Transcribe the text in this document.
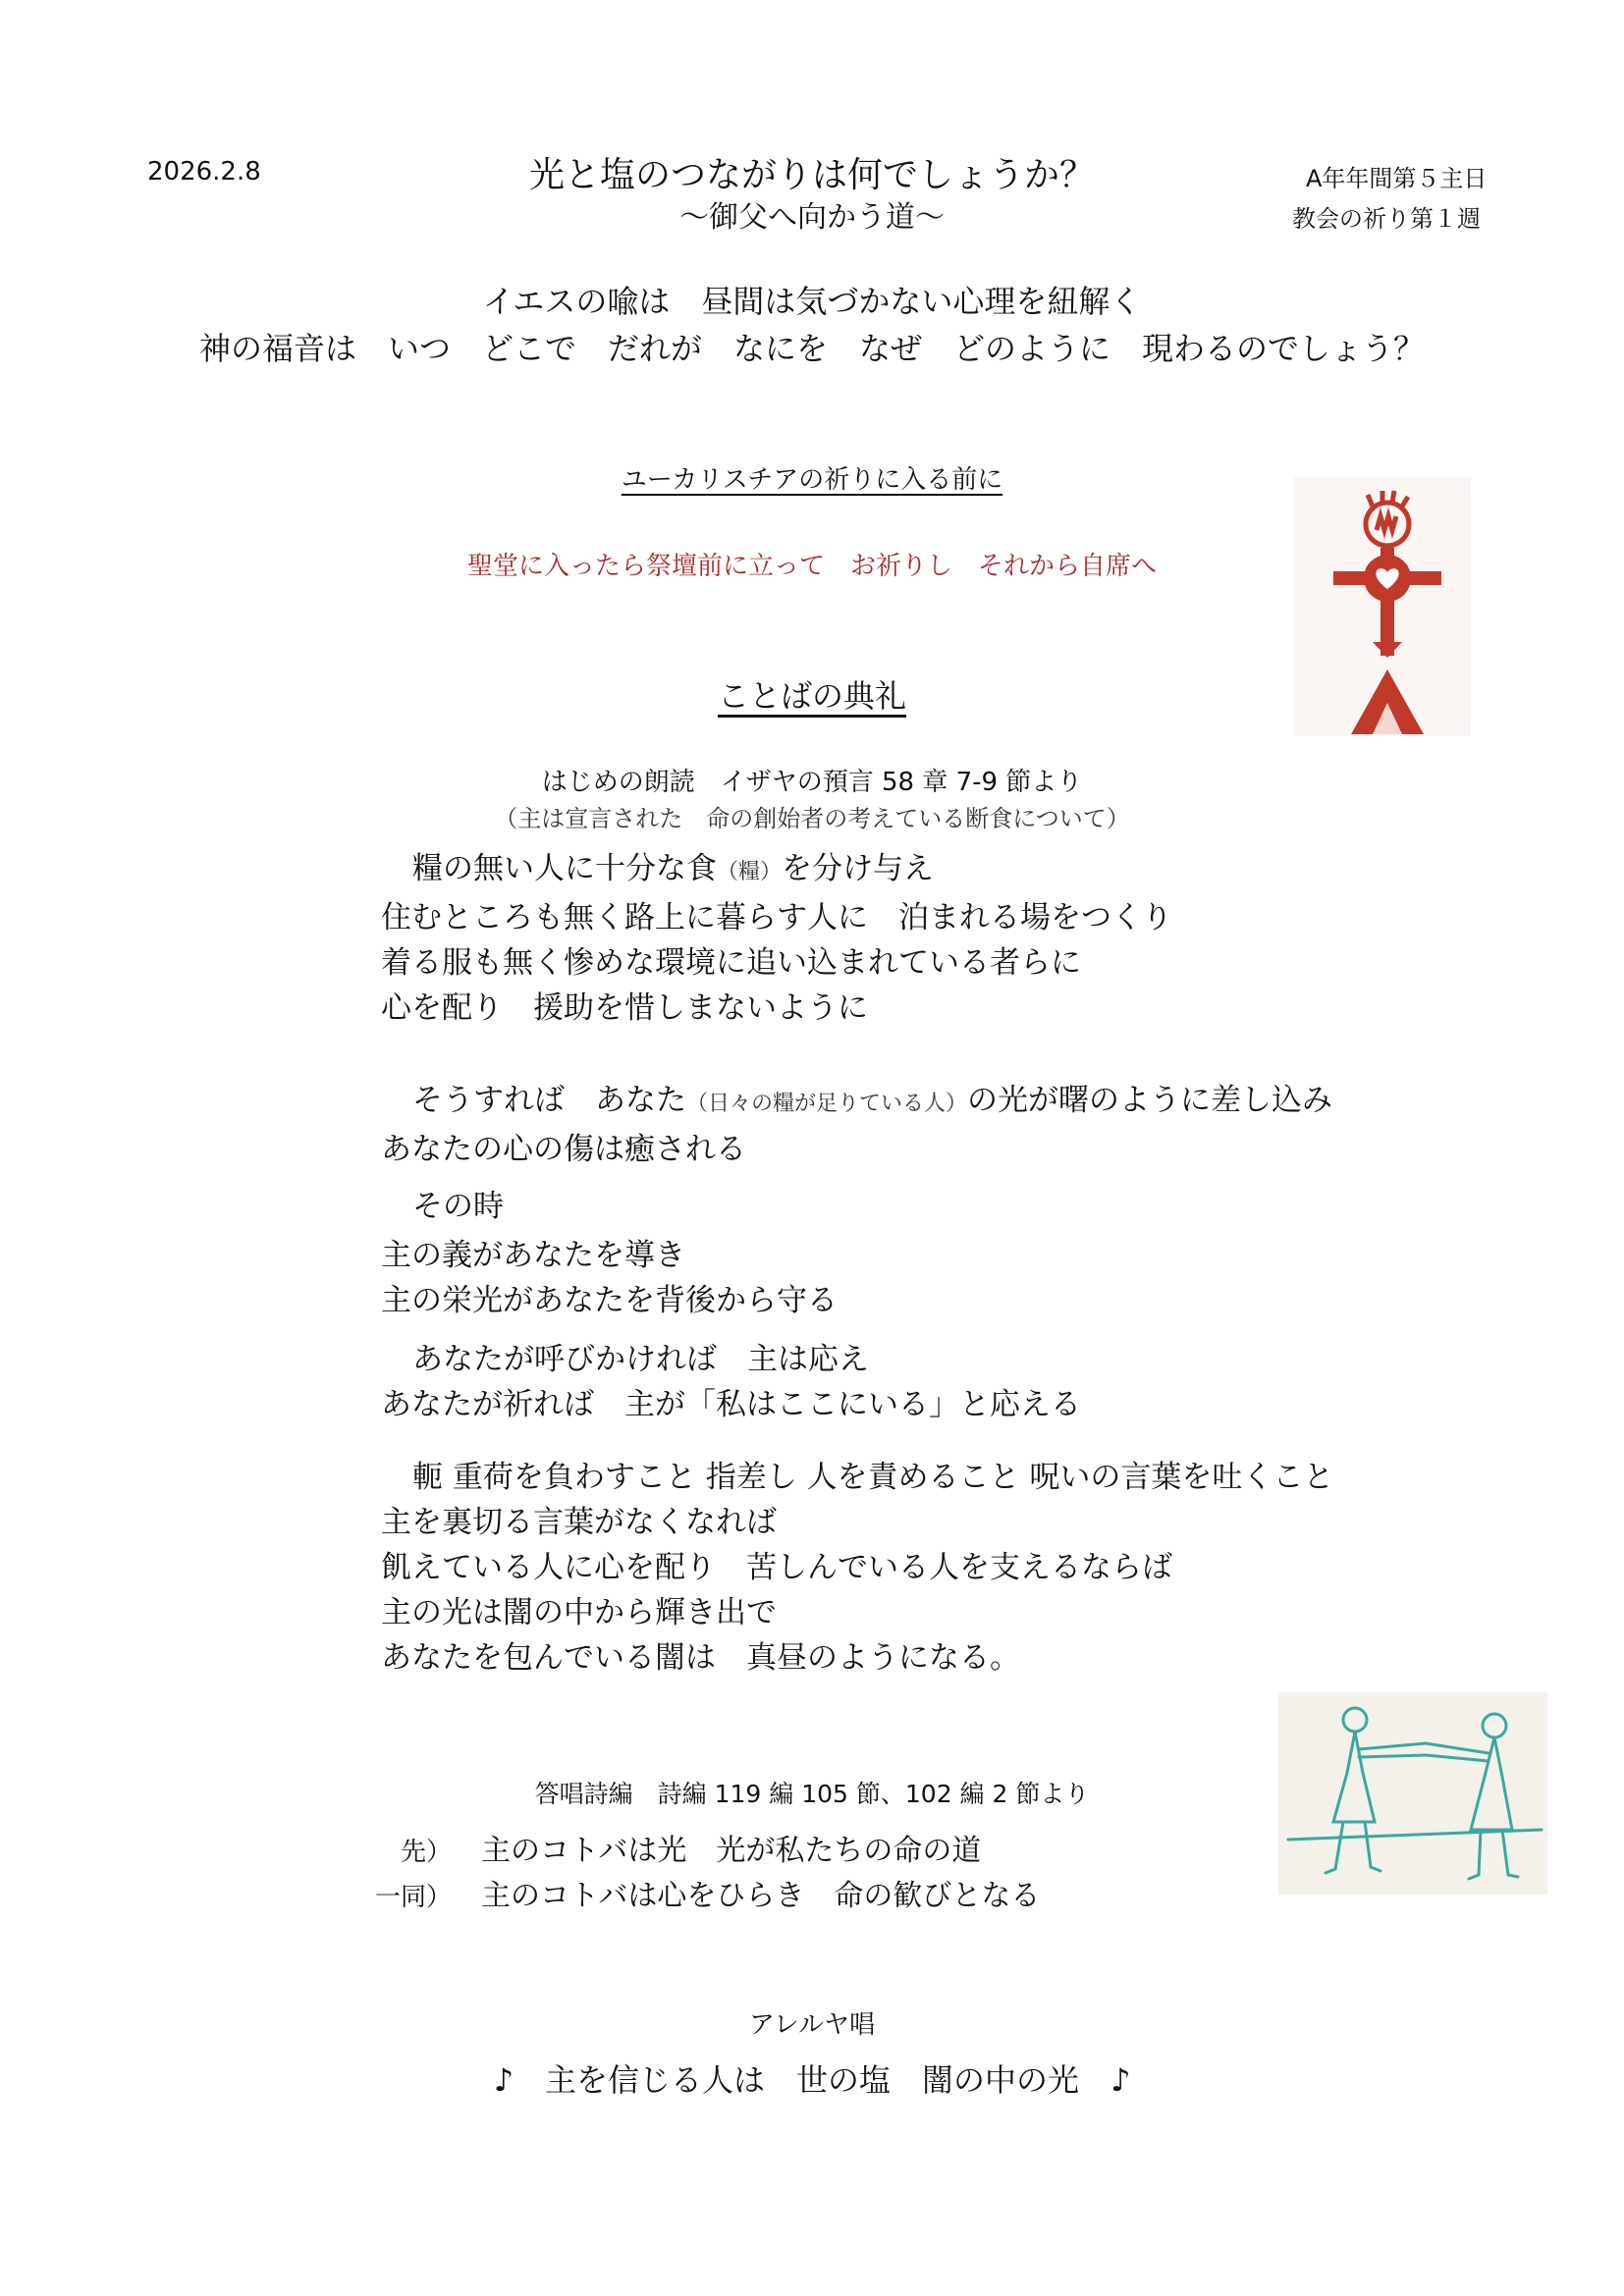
2026.2.8	光と塩のつながりは何でしょうか？
～御父へ向かう道～
A年年間第５主日
教会の祈り第１週
イエスの喩は　昼間は気づかない心理を紐解く
神の福音は　いつ　どこで　だれが　なにを　なぜ　どのように　現わるのでしょう？
ユーカリスチアの祈りに入る前に
聖堂に入ったら祭壇前に立って　お祈りし　それから自席へ
ことばの典礼
はじめの朗読　イザヤの預言 58 章 7-9 節より
（主は宣言された　命の創始者の考えている断食について）

糧の無い人に十分な食（糧）を分け与え

住むところも無く路上に暮らす人に　泊まれる場をつくり

着る服も無く惨めな環境に追い込まれている者らに

心を配り　援助を惜しまないように

そうすれば　あなた（日々の糧が足りている人）の光が曙のように差し込み

あなたの心の傷は癒される

その時

主の義があなたを導き

主の栄光があなたを背後から守る

あなたが呼びかければ　主は応え

あなたが祈れば　主が「私はここにいる」と応える

軛 重荷を負わすこと 指差し 人を責めること 呪いの言葉を吐くこと

主を裏切る言葉がなくなれば

飢えている人に心を配り　苦しんでいる人を支えるならば

主の光は闇の中から輝き出で

あなたを包んでいる闇は　真昼のようになる。

答唱詩編　詩編 119 編 105 節、102 編 2 節より
先） 主のコトバは光　光が私たちの命の道
一同） 主のコトバは心をひらき　命の歓びとなる
アレルヤ唱
♪　主を信じる人は　世の塩　闇の中の光　♪
